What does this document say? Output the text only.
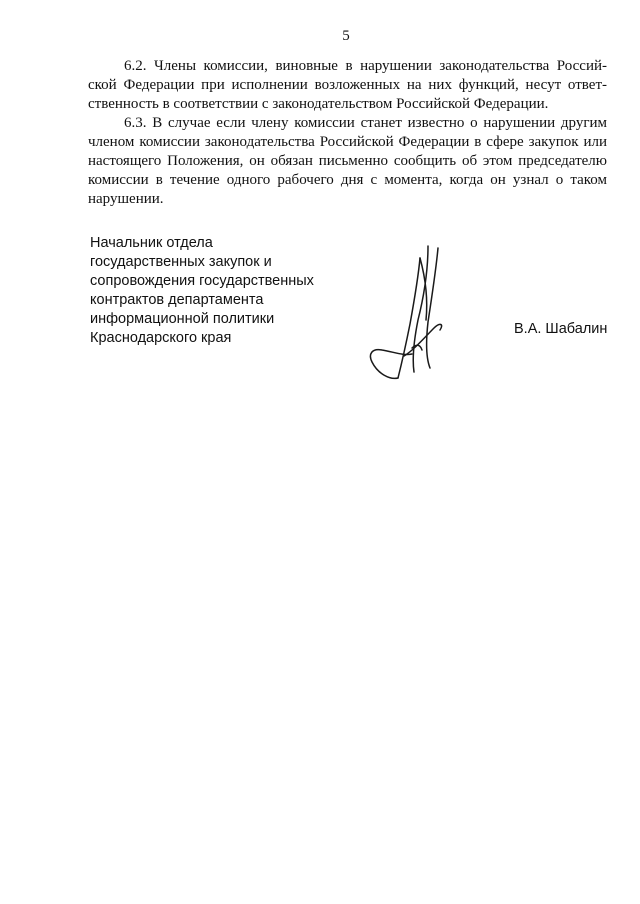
5
6.2. Члены комиссии, виновные в нарушении законодательства Россий-
ской Федерации при исполнении возложенных на них функций, несут ответ-
ственность в соответствии с законодательством Российской Федерации.
6.3. В случае если члену комиссии станет известно о нарушении другим
членом комиссии законодательства Российской Федерации в сфере закупок или
настоящего Положения, он обязан письменно сообщить об этом председателю
комиссии в течение одного рабочего дня с момента, когда он узнал о таком
нарушении.
Начальник отдела
государственных закупок и
сопровождения государственных
контрактов департамента
информационной политики
Краснодарского края
В.А. Шабалин
